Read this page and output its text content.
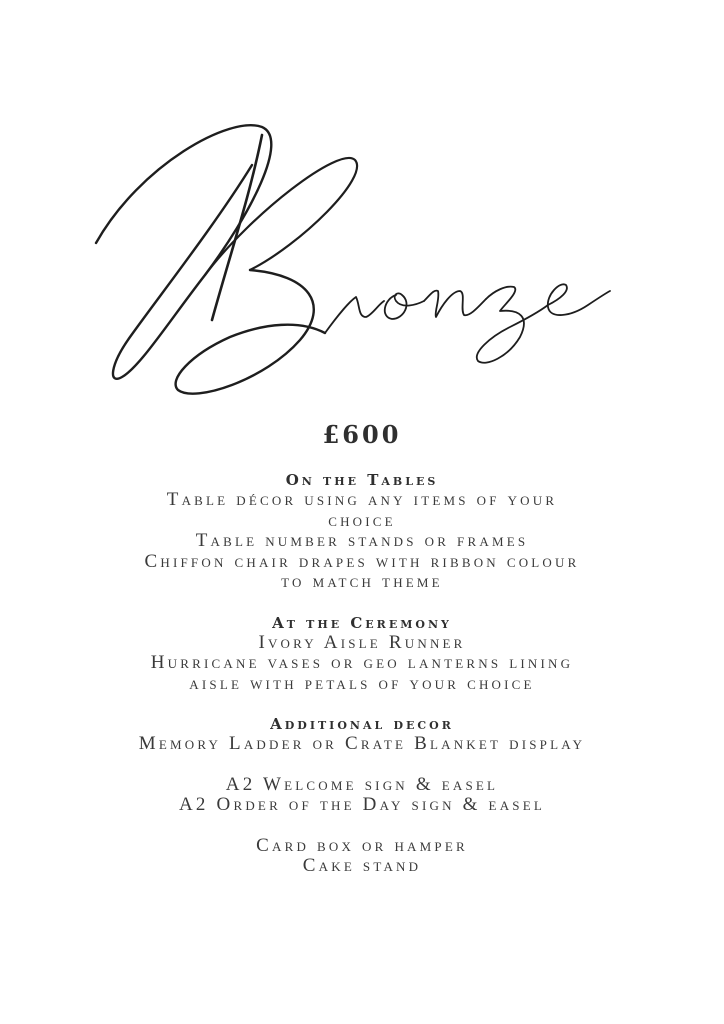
£600
On the Tables

Table décor using any items of your

choice

Table number stands or frames

Chiffon chair drapes with ribbon colour

to match theme

At the Ceremony

Ivory Aisle Runner

Hurricane vases or geo lanterns lining

aisle with petals of your choice

Additional decor

Memory Ladder or Crate Blanket display

A2 Welcome sign & easel

A2 Order of the Day sign & easel

Card box or hamper

Cake stand
